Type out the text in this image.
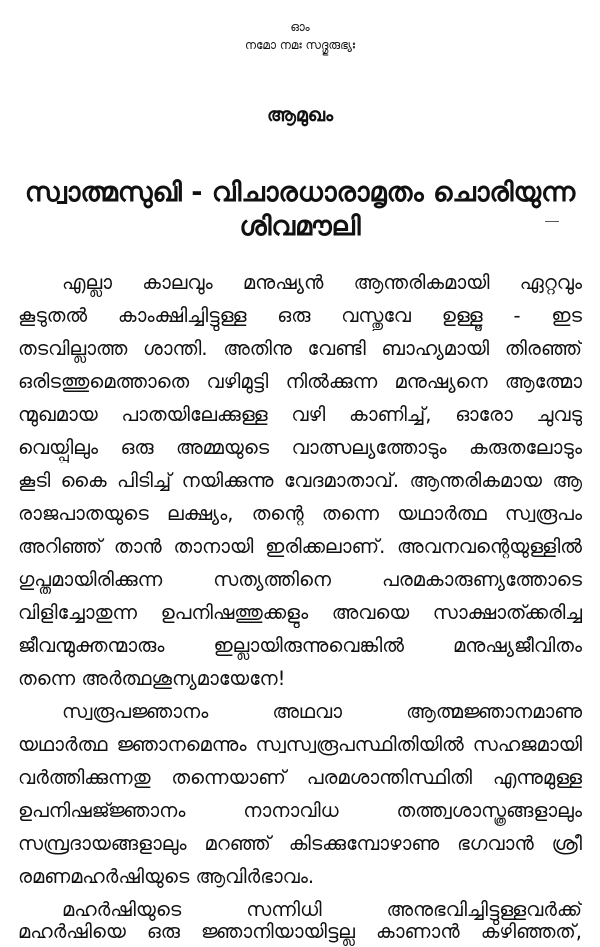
ഓം
നമോ നമഃ സദ്ഗുരുഭ്യഃ
ആമുഖം
സ്വാത്മസുഖി - വിചാരധാരാമൃതം ചൊരിയുന്ന
ശിവമൗലി
എല്ലാ കാലവും മനുഷ്യൻ ആന്തരികമായി ഏറ്റവും
കൂടുതൽ കാംക്ഷിച്ചിട്ടുള്ള ഒരു വസ്തുവേ ഉള്ളൂ - ഇട
തടവില്ലാത്ത ശാന്തി. അതിനു വേണ്ടി ബാഹ്യമായി തിരഞ്ഞ്
ഒരിടത്തുമെത്താതെ വഴിമുട്ടി നിൽക്കുന്ന മനുഷ്യനെ ആത്മോ
ന്മുഖമായ പാതയിലേക്കുള്ള വഴി കാണിച്ച്, ഓരോ ചുവടു
വെയ്പ്പിലും ഒരു അമ്മയുടെ വാത്സല്യത്തോടും കരുതലോടും
കൂടി കൈ പിടിച്ച് നയിക്കുന്നു വേദമാതാവ്. ആന്തരികമായ ആ
രാജപാതയുടെ ലക്ഷ്യം, തന്റെ തന്നെ യഥാർത്ഥ സ്വരൂപം
അറിഞ്ഞ് താൻ താനായി ഇരിക്കലാണ്. അവനവന്റെയുള്ളിൽ
ഗുപ്തമായിരിക്കുന്ന സത്യത്തിനെ പരമകാരുണ്യത്തോടെ
വിളിച്ചോതുന്ന ഉപനിഷത്തുക്കളും അവയെ സാക്ഷാത്ക്കരിച്ച
ജീവന്മുക്തന്മാരും ഇല്ലായിരുന്നുവെങ്കിൽ മനുഷ്യജീവിതം
തന്നെ അർത്ഥശൂന്യമായേനേ!
സ്വരൂപജ്ഞാനം അഥവാ ആത്മജ്ഞാനമാണു
യഥാർത്ഥ ജ്ഞാനമെന്നും സ്വസ്വരൂപസ്ഥിതിയിൽ സഹജമായി
വർത്തിക്കുന്നതു തന്നെയാണ് പരമശാന്തിസ്ഥിതി എന്നുമുള്ള
ഉപനിഷജ്ജ്ഞാനം നാനാവിധ തത്ത്വശാസ്ത്രങ്ങളാലും
സമ്പ്രദായങ്ങളാലും മറഞ്ഞ് കിടക്കുമ്പോഴാണു ഭഗവാൻ ശ്രീ
രമണമഹർഷിയുടെ ആവിർഭാവം.
മഹർഷിയുടെ സന്നിധി അനുഭവിച്ചിട്ടുള്ളവർക്ക്
മഹർഷിയെ ഒരു ജ്ഞാനിയായിട്ടല്ല കാണാൻ കഴിഞ്ഞത്,
